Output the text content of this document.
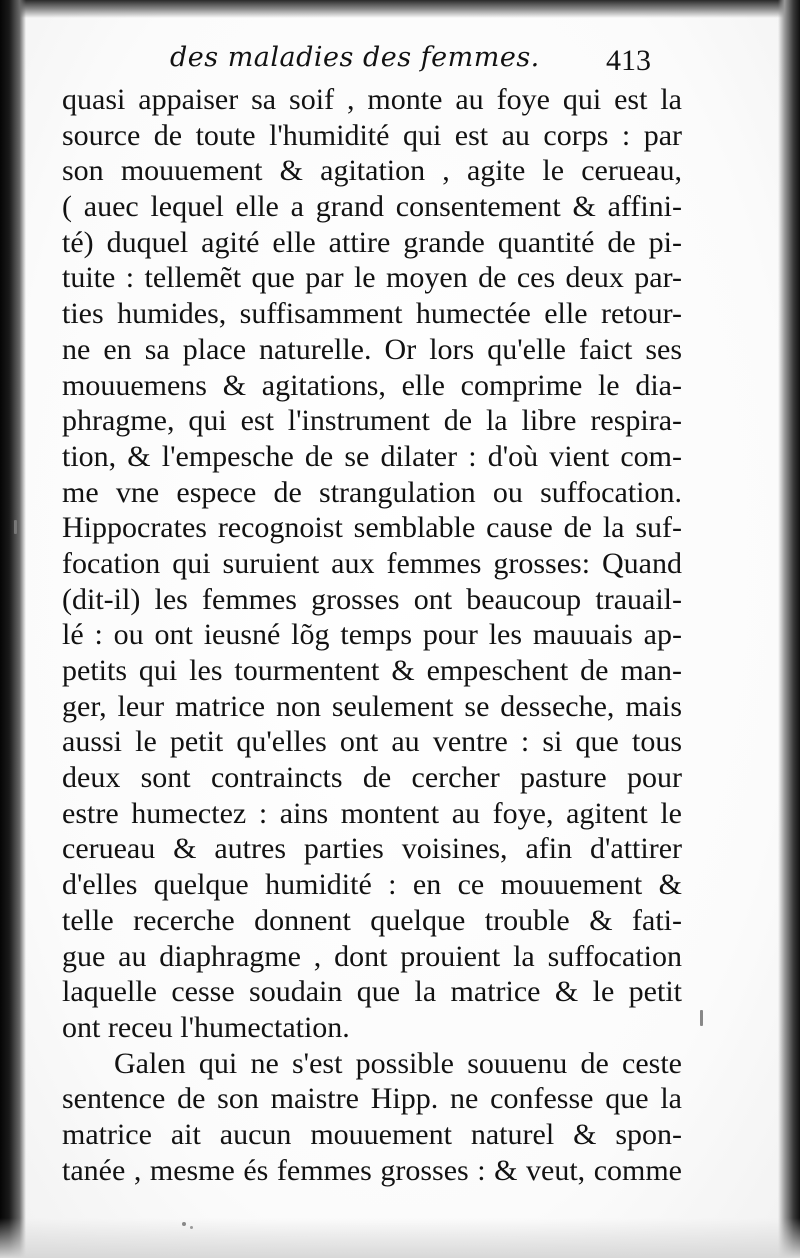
des maladies des femmes. 413
quasi appaiser sa soif , monte au foye qui est la
source de toute l'humidité qui est au corps : par
son mouuement & agitation , agite le cerueau,
( auec lequel elle a grand consentement & affini-
té) duquel agité elle attire grande quantité de pi-
tuite : tellemẽt que par le moyen de ces deux par-
ties humides, suffisamment humectée elle retour-
ne en sa place naturelle. Or lors qu'elle faict ses
mouuemens & agitations, elle comprime le dia-
phragme, qui est l'instrument de la libre respira-
tion, & l'empesche de se dilater : d'où vient com-
me vne espece de strangulation ou suffocation.
Hippocrates recognoist semblable cause de la suf-
focation qui suruient aux femmes grosses: Quand
(dit-il) les femmes grosses ont beaucoup trauail-
lé : ou ont ieusné lõg temps pour les mauuais ap-
petits qui les tourmentent & empeschent de man-
ger, leur matrice non seulement se desseche, mais
aussi le petit qu'elles ont au ventre : si que tous
deux sont contraincts de cercher pasture pour
estre humectez : ains montent au foye, agitent le
cerueau & autres parties voisines, afin d'attirer
d'elles quelque humidité : en ce mouuement &
telle recerche donnent quelque trouble & fati-
gue au diaphragme , dont prouient la suffocation
laquelle cesse soudain que la matrice & le petit
ont receu l'humectation.
Galen qui ne s'est possible souuenu de ceste
sentence de son maistre Hipp. ne confesse que la
matrice ait aucun mouuement naturel & spon-
tanée , mesme és femmes grosses : & veut, comme
